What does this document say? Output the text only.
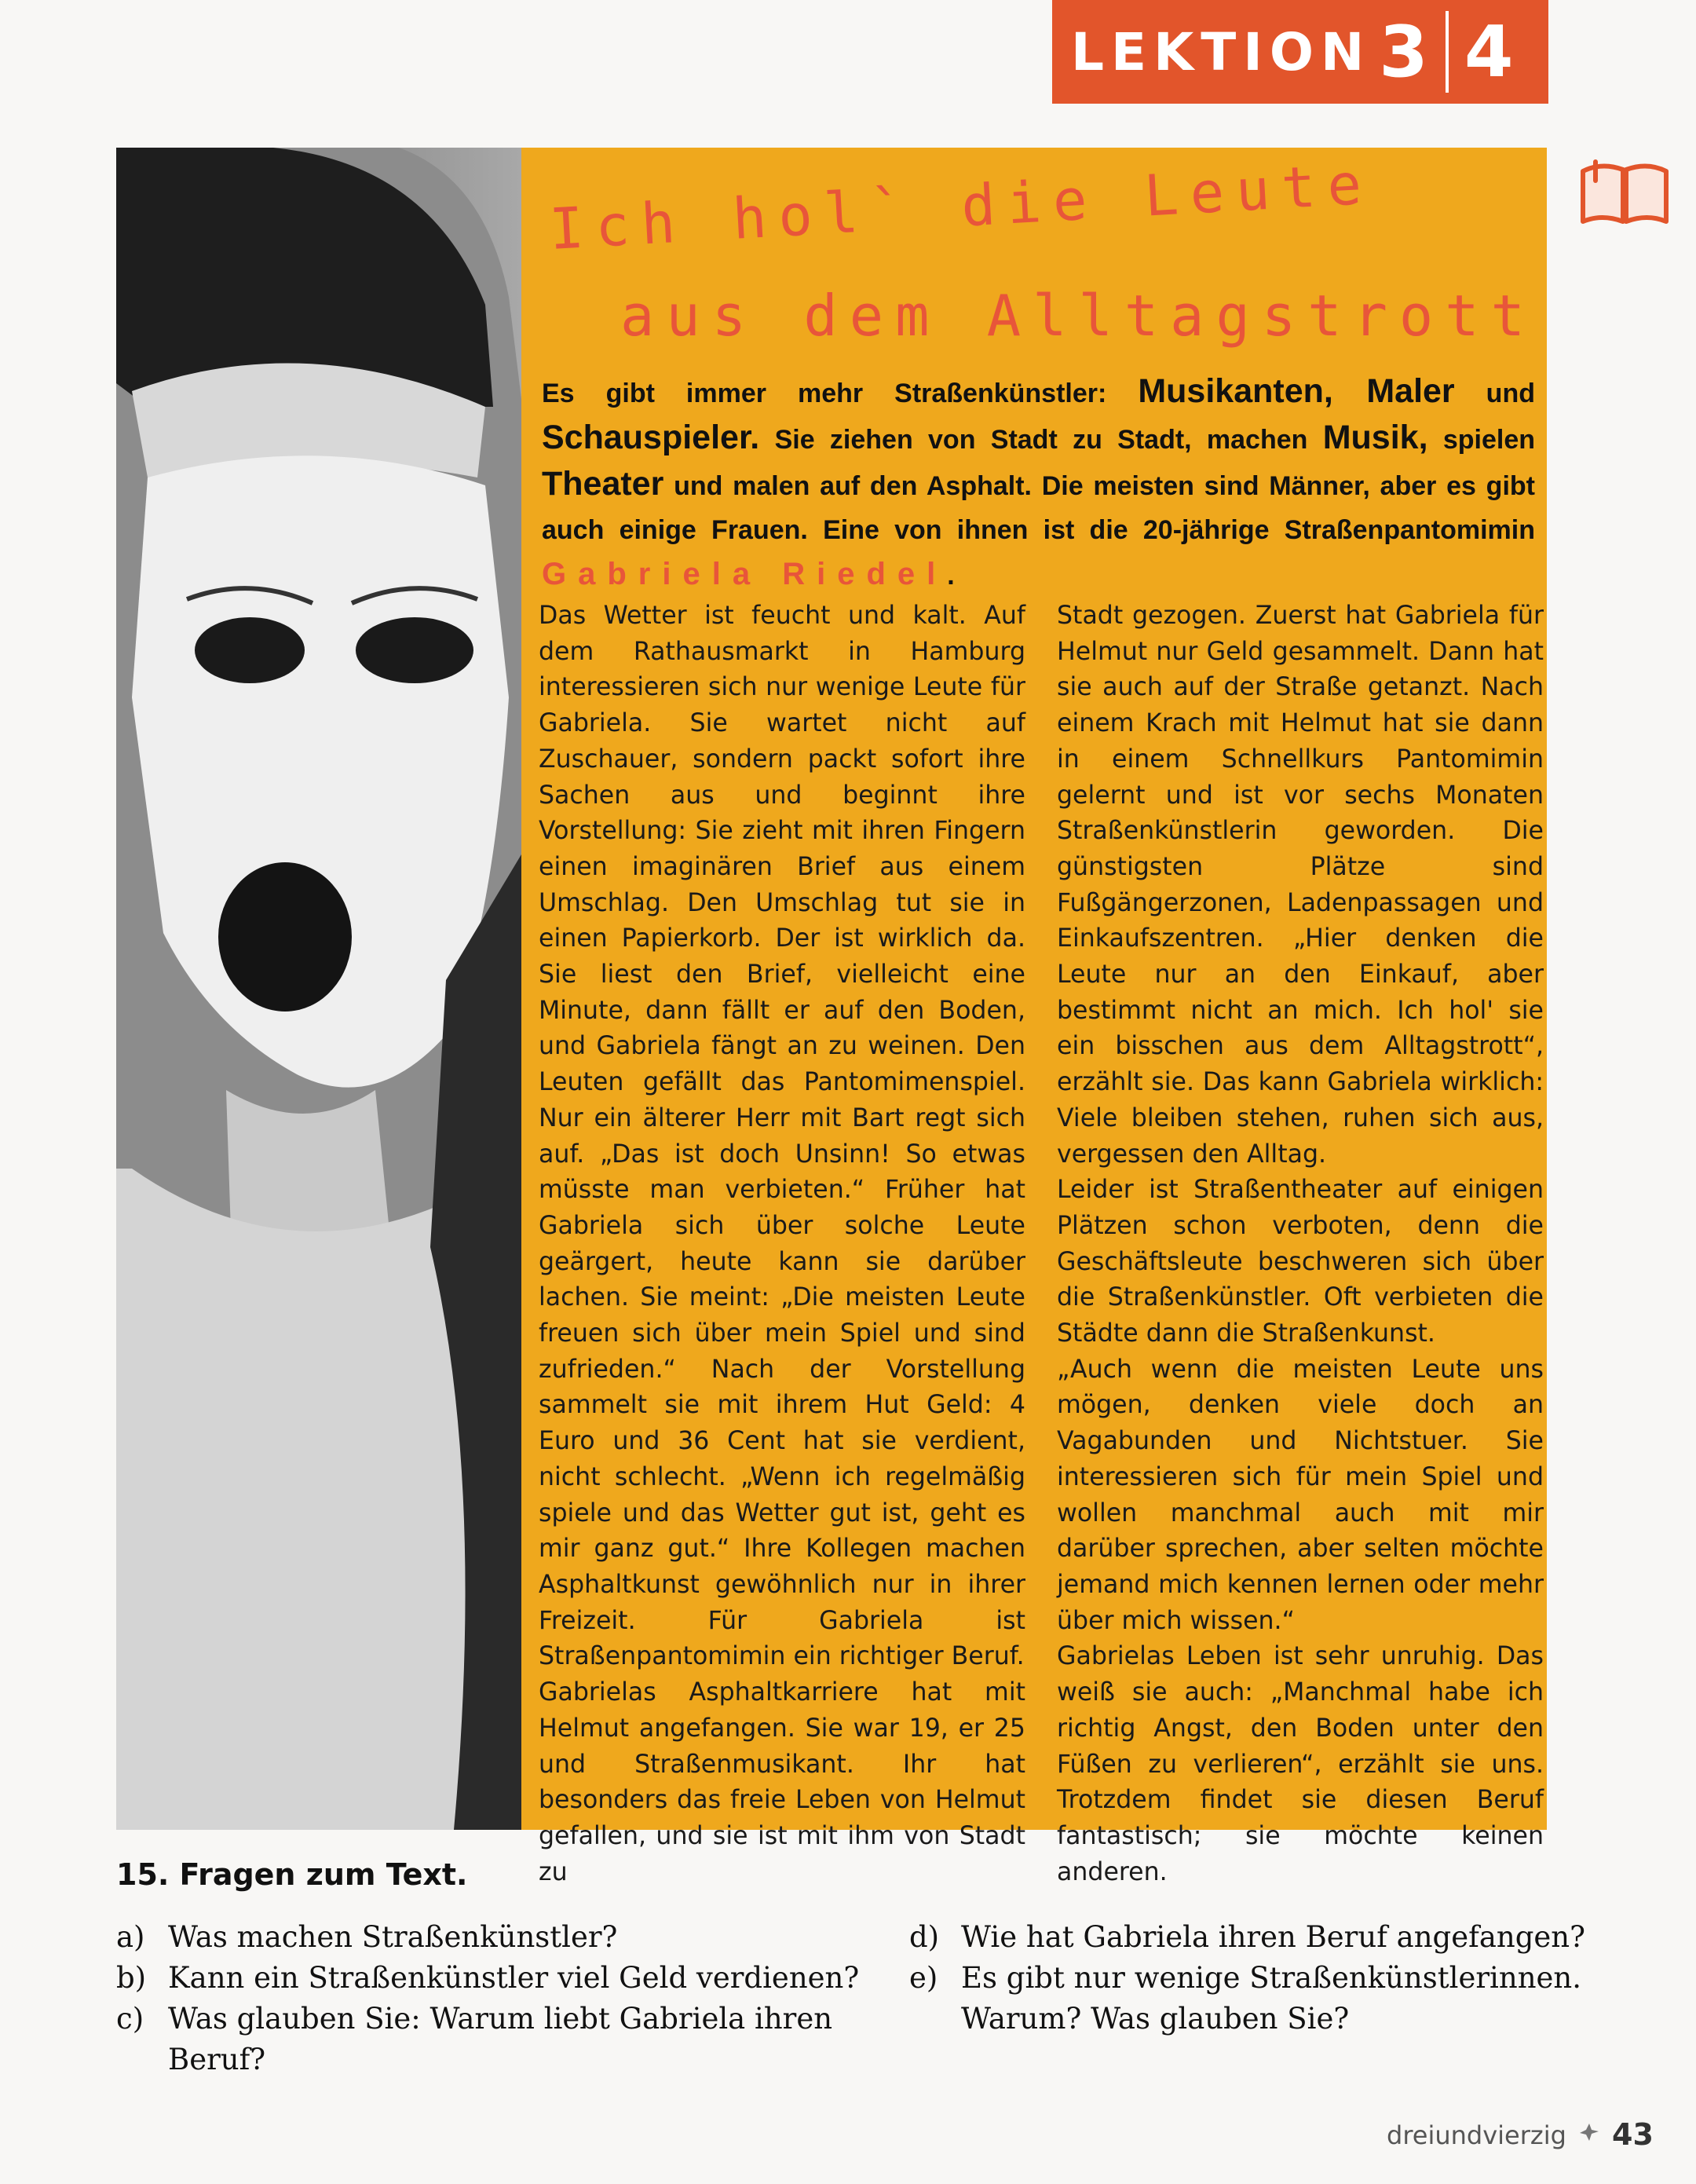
LEKTION 3 4
Ich hol` die Leute
aus dem Alltagstrott
Es gibt immer mehr Straßenkünstler: Musikanten, Maler und Schauspieler. Sie ziehen von Stadt zu Stadt, machen Musik, spielen Theater und malen auf den Asphalt. Die meisten sind Männer, aber es gibt auch einige Frauen. Eine von ihnen ist die 20-jährige Straßenpantomimin Gabriela Riedel.

Das Wetter ist feucht und kalt. Auf dem Rathausmarkt in Hamburg interessieren sich nur wenige Leute für Gabriela. Sie wartet nicht auf Zuschauer, sondern packt sofort ihre Sachen aus und beginnt ihre Vorstellung: Sie zieht mit ihren Fingern einen imaginären Brief aus einem Umschlag. Den Umschlag tut sie in einen Papierkorb. Der ist wirklich da. Sie liest den Brief, vielleicht eine Minute, dann fällt er auf den Boden, und Gabriela fängt an zu weinen. Den Leuten gefällt das Pantomimenspiel. Nur ein älterer Herr mit Bart regt sich auf. „Das ist doch Unsinn! So etwas müsste man verbieten.“ Früher hat Gabriela sich über solche Leute geärgert, heute kann sie darüber lachen. Sie meint: „Die meisten Leute freuen sich über mein Spiel und sind zufrieden.“ Nach der Vorstellung sammelt sie mit ihrem Hut Geld: 4 Euro und 36 Cent hat sie verdient, nicht schlecht. „Wenn ich regelmäßig spiele und das Wetter gut ist, geht es mir ganz gut.“ Ihre Kollegen machen Asphaltkunst gewöhnlich nur in ihrer Freizeit. Für Gabriela ist Straßenpantomimin ein richtiger Beruf.

Gabrielas Asphaltkarriere hat mit Helmut angefangen. Sie war 19, er 25 und Straßenmusikant. Ihr hat besonders das freie Leben von Helmut gefallen, und sie ist mit ihm von Stadt zu

Stadt gezogen. Zuerst hat Gabriela für Helmut nur Geld gesammelt. Dann hat sie auch auf der Straße getanzt. Nach einem Krach mit Helmut hat sie dann in einem Schnellkurs Pantomimin gelernt und ist vor sechs Monaten Straßenkünstlerin geworden. Die günstigsten Plätze sind Fußgängerzonen, Ladenpassagen und Einkaufszentren. „Hier denken die Leute nur an den Einkauf, aber bestimmt nicht an mich. Ich hol' sie ein bisschen aus dem Alltagstrott“, erzählt sie. Das kann Gabriela wirklich: Viele bleiben stehen, ruhen sich aus, vergessen den Alltag.

Leider ist Straßentheater auf einigen Plätzen schon verboten, denn die Geschäftsleute beschweren sich über die Straßenkünstler. Oft verbieten die Städte dann die Straßenkunst.

„Auch wenn die meisten Leute uns mögen, denken viele doch an Vagabunden und Nichtstuer. Sie interessieren sich für mein Spiel und wollen manchmal auch mit mir darüber sprechen, aber selten möchte jemand mich kennen lernen oder mehr über mich wissen.“

Gabrielas Leben ist sehr unruhig. Das weiß sie auch: „Manchmal habe ich richtig Angst, den Boden unter den Füßen zu verlieren“, erzählt sie uns. Trotzdem findet sie diesen Beruf fantastisch; sie möchte keinen anderen.

15. Fragen zum Text.
a) Was machen Straßenkünstler?
b) Kann ein Straßenkünstler viel Geld verdienen?
c) Was glauben Sie: Warum liebt Gabriela ihren Beruf?
d) Wie hat Gabriela ihren Beruf angefangen?
e) Es gibt nur wenige Straßenkünstlerinnen. Warum? Was glauben Sie?
dreiundvierzig 43
